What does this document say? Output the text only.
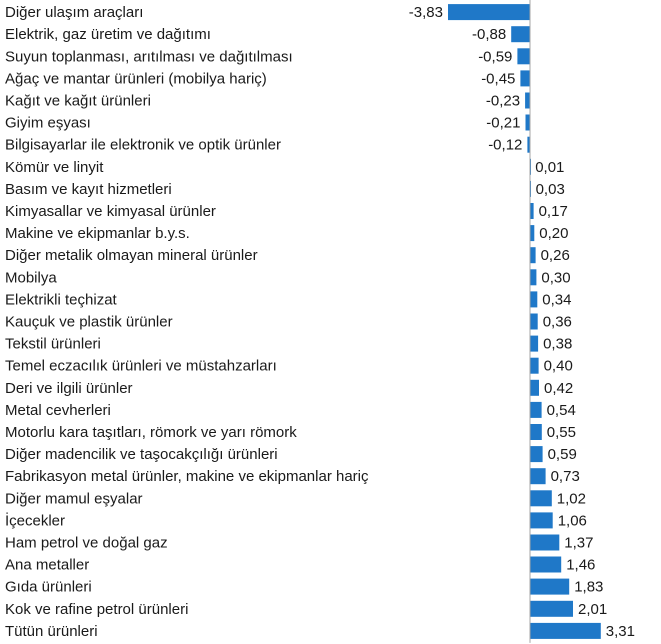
Diğer ulaşım araçları
Elektrik, gaz üretim ve dağıtımı
Suyun toplanması, arıtılması ve dağıtılması
Ağaç ve mantar ürünleri (mobilya hariç)
Kağıt ve kağıt ürünleri
Giyim eşyası
Bilgisayarlar ile elektronik ve optik ürünler
Kömür ve linyit
Basım ve kayıt hizmetleri
Kimyasallar ve kimyasal ürünler
Makine ve ekipmanlar b.y.s.
Diğer metalik olmayan mineral ürünler
Mobilya
Elektrikli teçhizat
Kauçuk ve plastik ürünler
Tekstil ürünleri
Temel eczacılık ürünleri ve müstahzarları
Deri ve ilgili ürünler
Metal cevherleri
Motorlu kara taşıtları, römork ve yarı römork
Diğer madencilik ve taşocakçılığı ürünleri
Fabrikasyon metal ürünler, makine ve ekipmanlar hariç
Diğer mamul eşyalar
İçecekler
Ham petrol ve doğal gaz
Ana metaller
Gıda ürünleri
Kok ve rafine petrol ürünleri
Tütün ürünleri
-3,83
-0,88
-0,59
-0,45
-0,23
-0,21
-0,12
0,01
0,03
0,17
0,20
0,26
0,30
0,34
0,36
0,38
0,40
0,42
0,54
0,55
0,59
0,73
1,02
1,06
1,37
1,46
1,83
2,01
3,31
